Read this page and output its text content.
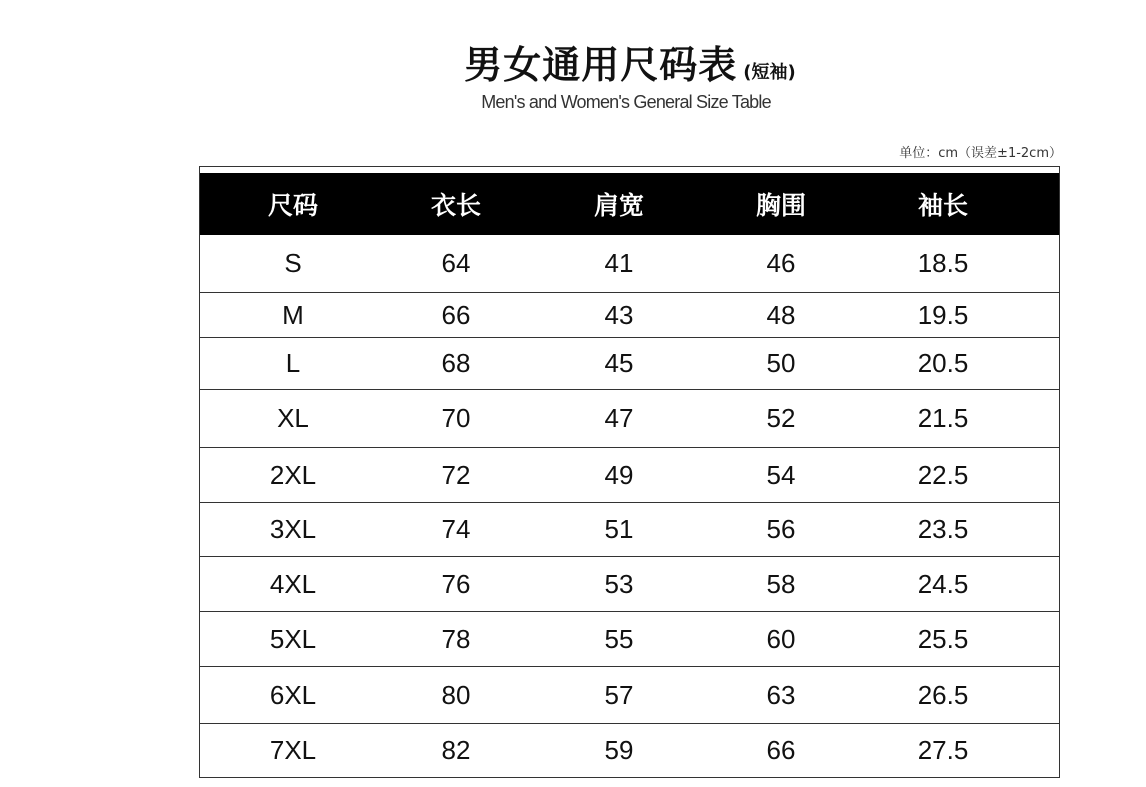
男女通用尺码表 (短袖)
Men's and Women's General Size Table
单位：cm（误差±1-2cm）
尺码	衣长	肩宽	胸围	袖长
S	64	41	46	18.5
M	66	43	48	19.5
L	68	45	50	20.5
XL	70	47	52	21.5
2XL	72	49	54	22.5
3XL	74	51	56	23.5
4XL	76	53	58	24.5
5XL	78	55	60	25.5
6XL	80	57	63	26.5
7XL	82	59	66	27.5
